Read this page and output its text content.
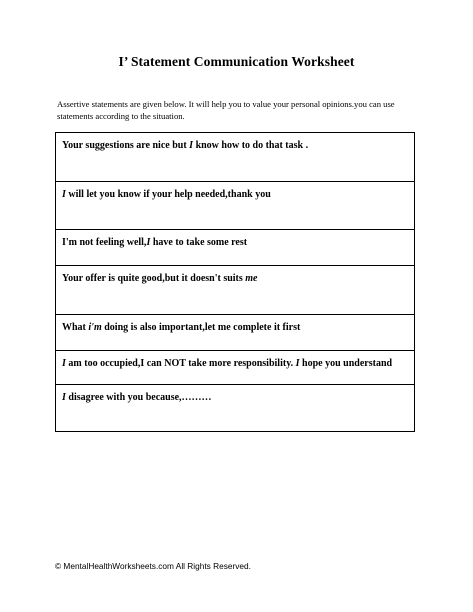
I’ Statement Communication Worksheet
Assertive statements are given below. It will help you to value your personal opinions.you can use statements according to the situation.
Your suggestions are nice but I know how to do that task .
I will let you know if your help needed,thank you
I'm not feeling well,I have to take some rest
Your offer is quite good,but it doesn't suits me
What i'm doing is also important,let me complete it first
I am too occupied,I can NOT take more responsibility. I hope you understand
I disagree with you because,………
© MentalHealthWorksheets.com All Rights Reserved.
